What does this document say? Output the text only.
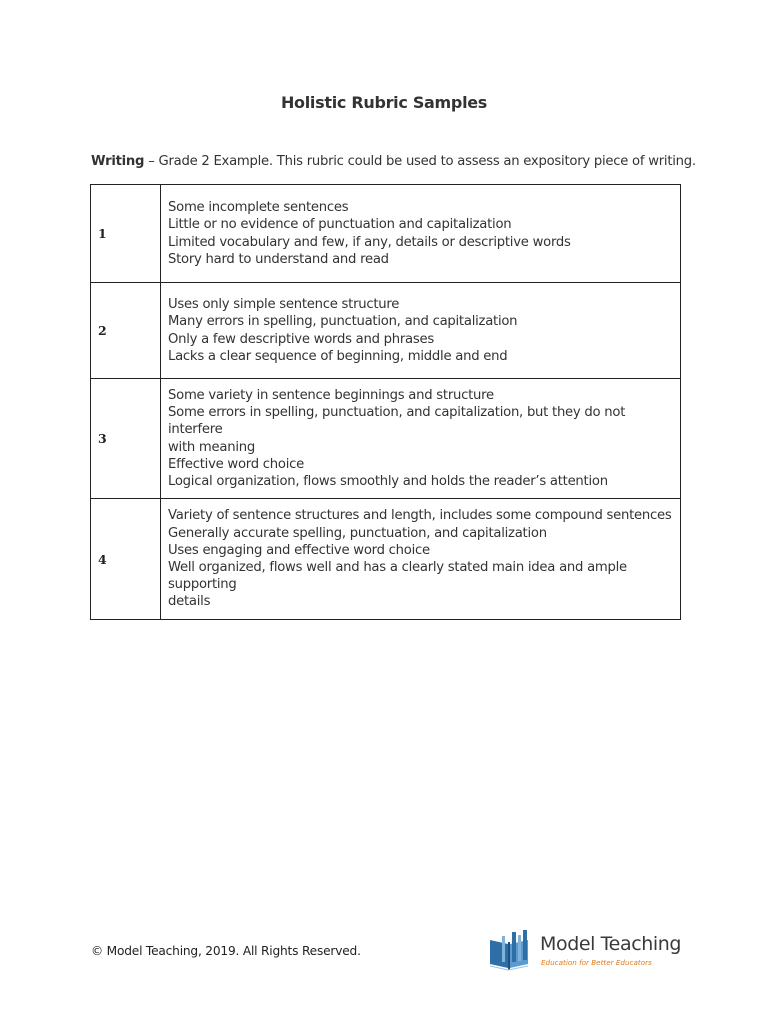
Holistic Rubric Samples
Writing – Grade 2 Example. This rubric could be used to assess an expository piece of writing.
1	Some incomplete sentences
Little or no evidence of punctuation and capitalization
Limited vocabulary and few, if any, details or descriptive words
Story hard to understand and read

2	Uses only simple sentence structure
Many errors in spelling, punctuation, and capitalization
Only a few descriptive words and phrases
Lacks a clear sequence of beginning, middle and end

3	Some variety in sentence beginnings and structure
Some errors in spelling, punctuation, and capitalization, but they do not interfere
with meaning
Effective word choice
Logical organization, flows smoothly and holds the reader’s attention

4	Variety of sentence structures and length, includes some compound sentences
Generally accurate spelling, punctuation, and capitalization
Uses engaging and effective word choice
Well organized, flows well and has a clearly stated main idea and ample supporting
details
© Model Teaching, 2019. All Rights Reserved.	Model Teaching
Education for Better Educators
